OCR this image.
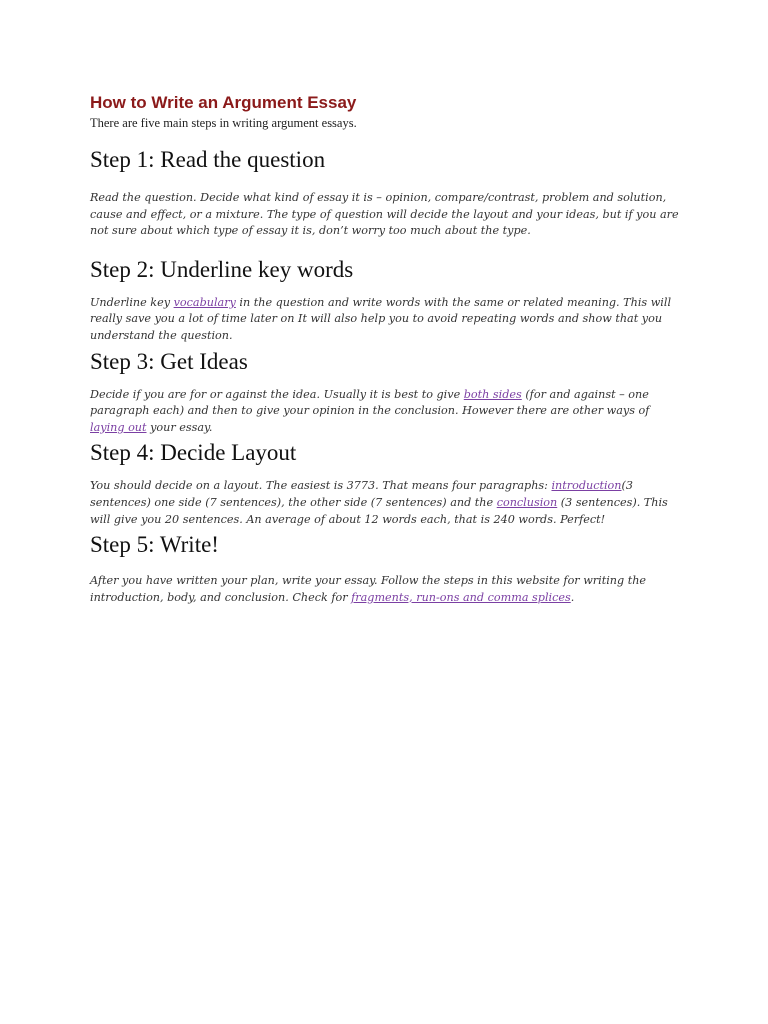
How to Write an Argument Essay

There are five main steps in writing argument essays.

Step 1: Read the question

Read the question. Decide what kind of essay it is – opinion, compare/contrast, problem and solution, cause and effect, or a mixture. The type of question will decide the layout and your ideas, but if you are not sure about which type of essay it is, don’t worry too much about the type.

Step 2: Underline key words

Underline key vocabulary in the question and write words with the same or related meaning. This will really save you a lot of time later on It will also help you to avoid repeating words and show that you understand the question.

Step 3: Get Ideas

Decide if you are for or against the idea. Usually it is best to give both sides (for and against – one paragraph each) and then to give your opinion in the conclusion. However there are other ways of laying out your essay.

Step 4: Decide Layout

You should decide on a layout. The easiest is 3773. That means four paragraphs: introduction(3 sentences) one side (7 sentences), the other side (7 sentences) and the conclusion (3 sentences). This will give you 20 sentences. An average of about 12 words each, that is 240 words. Perfect!

Step 5: Write!

After you have written your plan, write your essay. Follow the steps in this website for writing the introduction, body, and conclusion. Check for fragments, run-ons and comma splices.
